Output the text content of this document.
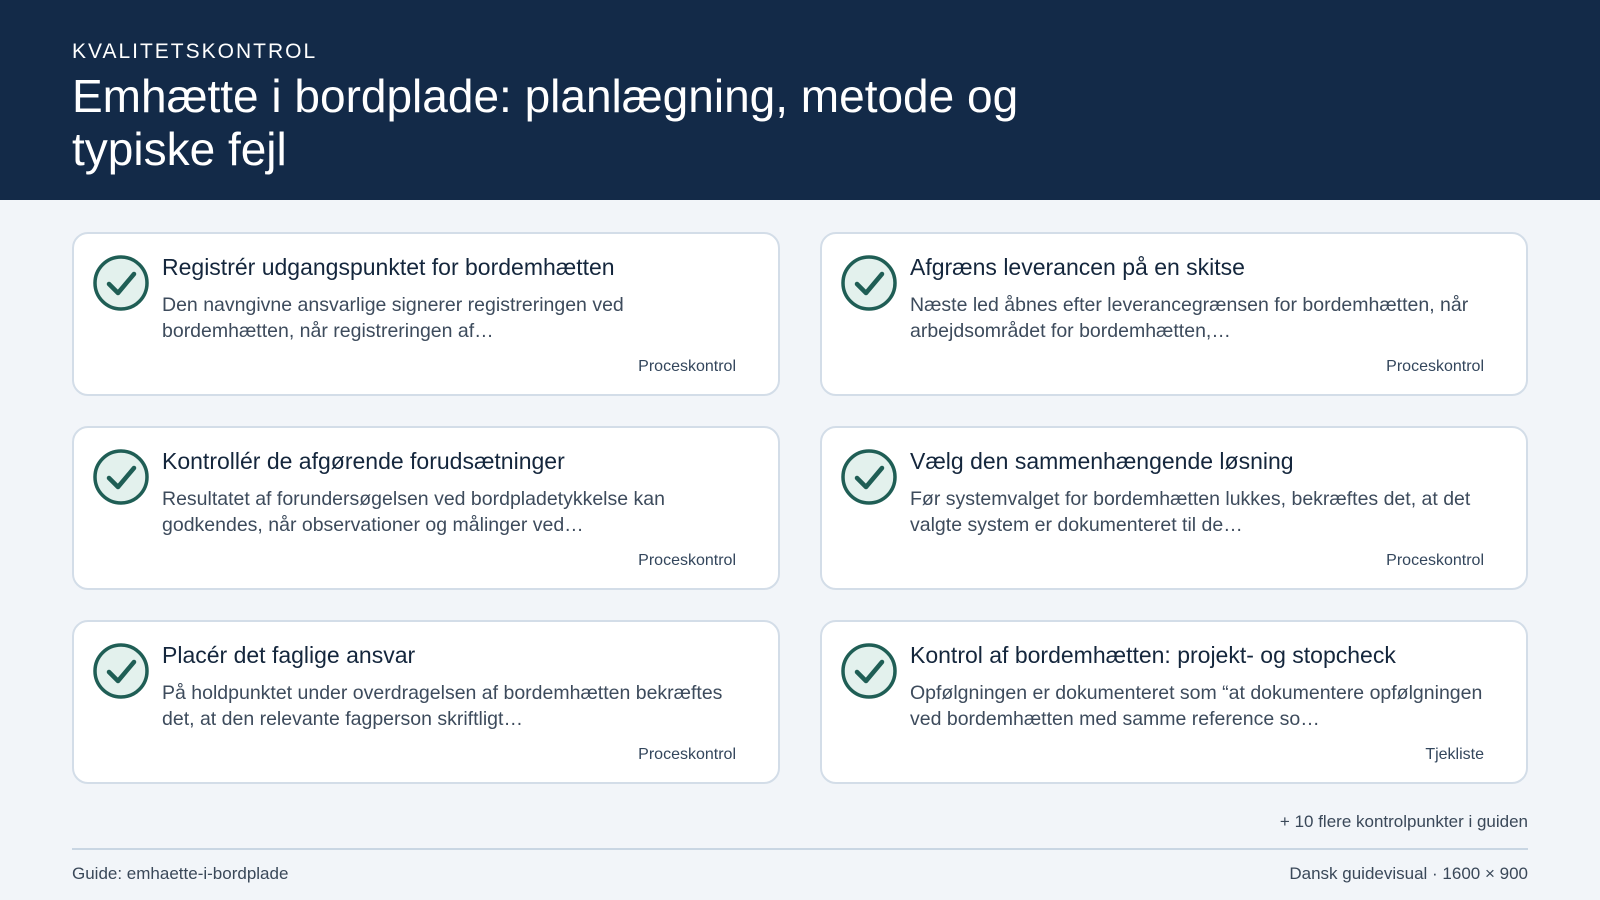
KVALITETSKONTROL
Emhætte i bordplade: planlægning, metode og typiske fejl
Registrér udgangspunktet for bordemhætten
Den navngivne ansvarlige signerer registreringen ved bordemhætten, når registreringen af…
Proceskontrol
Afgræns leverancen på en skitse
Næste led åbnes efter leverancegrænsen for bordemhætten, når arbejdsområdet for bordemhætten,…
Proceskontrol
Kontrollér de afgørende forudsætninger
Resultatet af forundersøgelsen ved bordpladetykkelse kan godkendes, når observationer og målinger ved…
Proceskontrol
Vælg den sammenhængende løsning
Før systemvalget for bordemhætten lukkes, bekræftes det, at det valgte system er dokumenteret til de…
Proceskontrol
Placér det faglige ansvar
På holdpunktet under overdragelsen af bordemhætten bekræftes det, at den relevante fagperson skriftligt…
Proceskontrol
Kontrol af bordemhætten: projekt- og stopcheck
Opfølgningen er dokumenteret som “at dokumentere opfølgningen ved bordemhætten med samme reference so…
Tjekliste
+ 10 flere kontrolpunkter i guiden
Guide: emhaette-i-bordplade	Dansk guidevisual · 1600 × 900
